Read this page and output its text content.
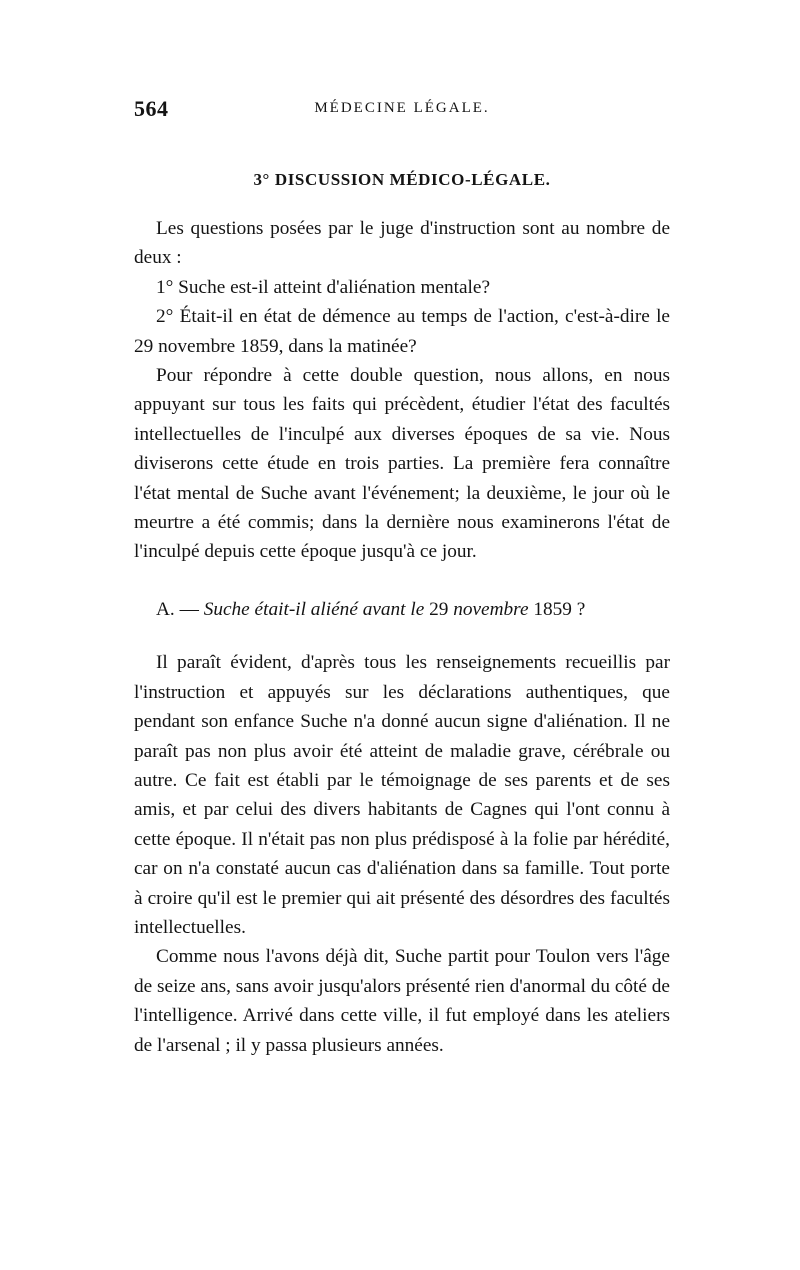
564	MÉDECINE LÉGALE.
3° DISCUSSION MÉDICO-LÉGALE.

Les questions posées par le juge d'instruction sont au nombre de deux :

1° Suche est-il atteint d'aliénation mentale?

2° Était-il en état de démence au temps de l'action, c'est-à-dire le 29 novembre 1859, dans la matinée?

Pour répondre à cette double question, nous allons, en nous appuyant sur tous les faits qui précèdent, étudier l'état des facultés intellectuelles de l'inculpé aux diverses époques de sa vie. Nous diviserons cette étude en trois parties. La première fera connaître l'état mental de Suche avant l'événement; la deuxième, le jour où le meurtre a été commis; dans la dernière nous examinerons l'état de l'inculpé depuis cette époque jusqu'à ce jour.

A. — Suche était-il aliéné avant le 29 novembre 1859 ?

Il paraît évident, d'après tous les renseignements recueillis par l'instruction et appuyés sur les déclarations authentiques, que pendant son enfance Suche n'a donné aucun signe d'aliénation. Il ne paraît pas non plus avoir été atteint de maladie grave, cérébrale ou autre. Ce fait est établi par le témoignage de ses parents et de ses amis, et par celui des divers habitants de Cagnes qui l'ont connu à cette époque. Il n'était pas non plus prédisposé à la folie par hérédité, car on n'a constaté aucun cas d'aliénation dans sa famille. Tout porte à croire qu'il est le premier qui ait présenté des désordres des facultés intellectuelles.

Comme nous l'avons déjà dit, Suche partit pour Toulon vers l'âge de seize ans, sans avoir jusqu'alors présenté rien d'anormal du côté de l'intelligence. Arrivé dans cette ville, il fut employé dans les ateliers de l'arsenal ; il y passa plusieurs années.
